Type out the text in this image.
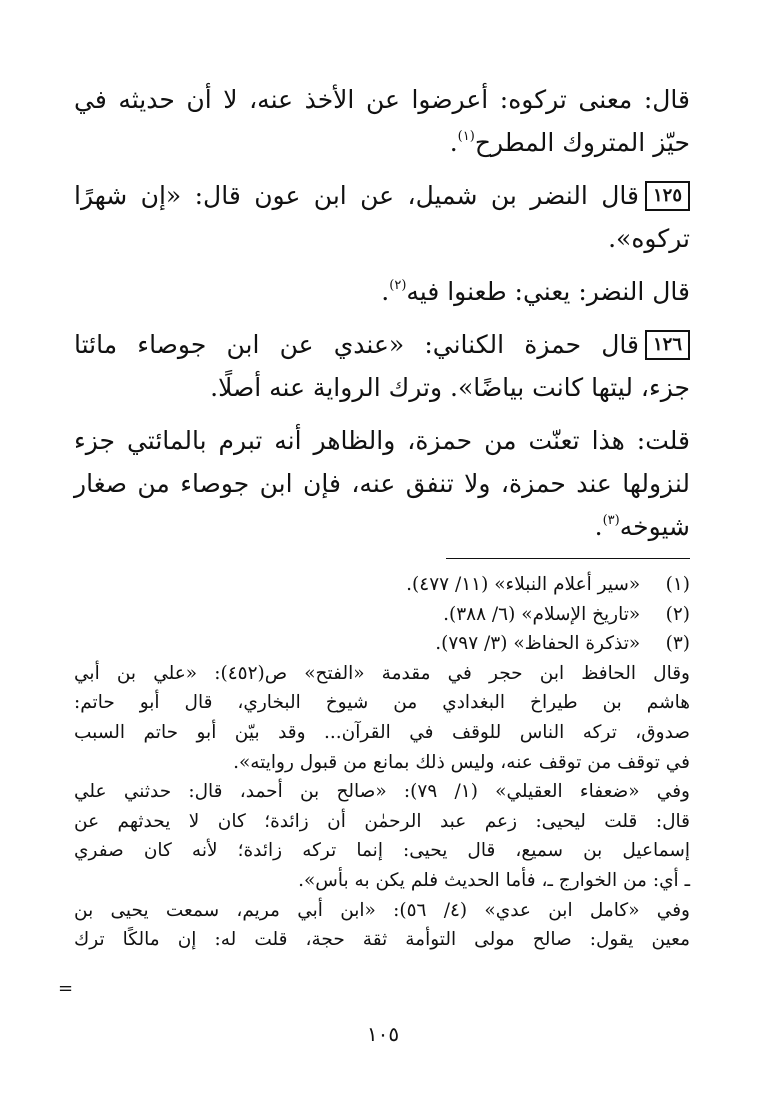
قال: معنى تركوه: أعرضوا عن الأخذ عنه، لا أن حديثه في
حيّز المتروك المطرح$^{(١)}$.
١٢٥قال النضر بن شميل، عن ابن عون قال: «إن شهرًا
تركوه».
قال النضر: يعني: طعنوا فيه$^{(٢)}$.
١٢٦قال حمزة الكناني: «عندي عن ابن جوصاء مائتا
جزء، ليتها كانت بياضًا». وترك الرواية عنه أصلًا.
قلت: هذا تعنّت من حمزة، والظاهر أنه تبرم بالمائتي جزء
لنزولها عند حمزة، ولا تنفق عنه، فإن ابن جوصاء من صغار
شيوخه$^{(٣)}$.
(١)  «سير أعلام النبلاء» (١١/ ٤٧٧).
(٢)  «تاريخ الإسلام» (٦/ ٣٨٨).
(٣)  «تذكرة الحفاظ» (٣/ ٧٩٧).
وقال الحافظ ابن حجر في مقدمة «الفتح» ص(٤٥٢): «علي بن أبي
هاشم بن طيراخ البغدادي من شيوخ البخاري، قال أبو حاتم:
صدوق، تركه الناس للوقف في القرآن... وقد بيّن أبو حاتم السبب
في توقف من توقف عنه، وليس ذلك بمانع من قبول روايته».
وفي «ضعفاء العقيلي» (١/ ٧٩): «صالح بن أحمد، قال: حدثني علي
قال: قلت ليحيى: زعم عبد الرحمٰن أن زائدة؛ كان لا يحدثهم عن
إسماعيل بن سميع، قال يحيى: إنما تركه زائدة؛ لأنه كان صفري
ـ أي: من الخوارج ـ، فأما الحديث فلم يكن به بأس».
وفي «كامل ابن عدي» (٤/ ٥٦): «ابن أبي مريم، سمعت يحيى بن
معين يقول: صالح مولى التوأمة ثقة حجة، قلت له: إن مالكًا ترك
=
١٠٥
